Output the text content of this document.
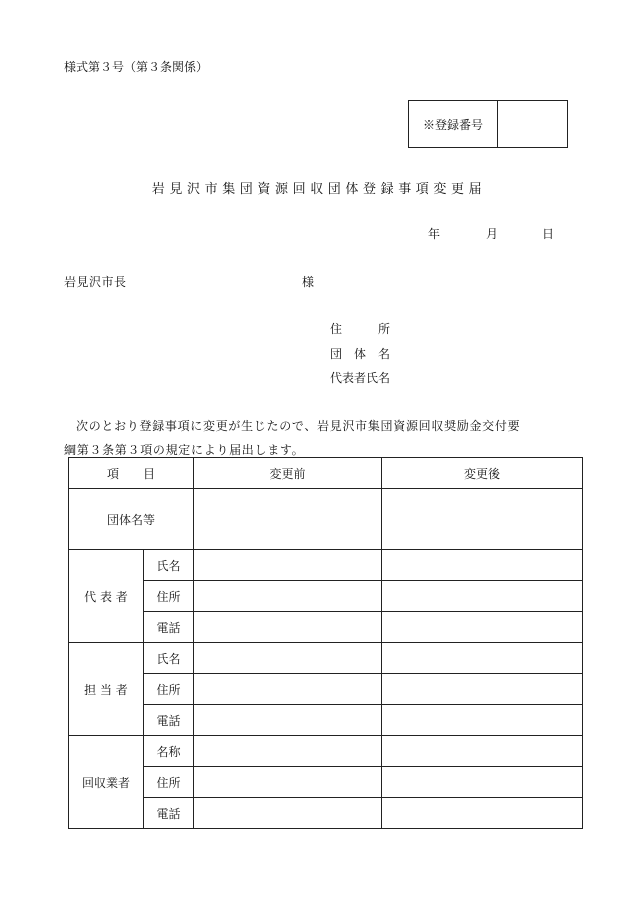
様式第３号（第３条関係）
※登録番号
岩見沢市集団資源回収団体登録事項変更届
年	月	日
岩見沢市長	様
住　　　所
団　体　名
代表者氏名
次のとおり登録事項に変更が生じたので、岩見沢市集団資源回収奨励金交付要
綱第３条第３項の規定により届出します。
項　　目		変更前	変更後
団体名等			
代 表 者	氏名		
	住所		
	電話		
担 当 者	氏名		
	住所		
	電話		
回収業者	名称		
	住所		
	電話		
